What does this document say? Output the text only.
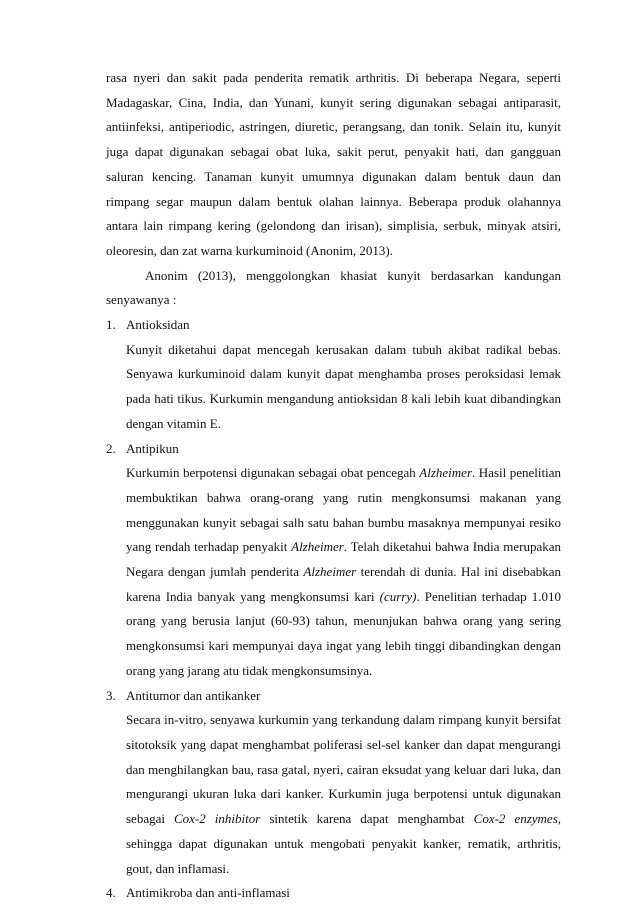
rasa nyeri dan sakit pada penderita rematik arthritis. Di beberapa Negara, seperti Madagaskar, Cina, India, dan Yunani, kunyit sering digunakan sebagai antiparasit, antiinfeksi, antiperiodic, astringen, diuretic, perangsang, dan tonik. Selain itu, kunyit juga dapat digunakan sebagai obat luka, sakit perut, penyakit hati, dan gangguan saluran kencing. Tanaman kunyit umumnya digunakan dalam bentuk daun dan rimpang segar maupun dalam bentuk olahan lainnya. Beberapa produk olahannya antara lain rimpang kering (gelondong dan irisan), simplisia, serbuk, minyak atsiri, oleoresin, dan zat warna kurkuminoid (Anonim, 2013).

Anonim (2013), menggolongkan khasiat kunyit berdasarkan kandungan senyawanya :

1. Antioksidan

Kunyit diketahui dapat mencegah kerusakan dalam tubuh akibat radikal bebas. Senyawa kurkuminoid dalam kunyit dapat menghamba proses peroksidasi lemak pada hati tikus. Kurkumin mengandung antioksidan 8 kali lebih kuat dibandingkan dengan vitamin E.

2. Antipikun

Kurkumin berpotensi digunakan sebagai obat pencegah Alzheimer. Hasil penelitian membuktikan bahwa orang-orang yang rutin mengkonsumsi makanan yang menggunakan kunyit sebagai salh satu bahan bumbu masaknya mempunyai resiko yang rendah terhadap penyakit Alzheimer. Telah diketahui bahwa India merupakan Negara dengan jumlah penderita Alzheimer terendah di dunia. Hal ini disebabkan karena India banyak yang mengkonsumsi kari (curry). Penelitian terhadap 1.010 orang yang berusia lanjut (60-93) tahun, menunjukan bahwa orang yang sering mengkonsumsi kari mempunyai daya ingat yang lebih tinggi dibandingkan dengan orang yang jarang atu tidak mengkonsumsinya.

3. Antitumor dan antikanker

Secara in-vitro, senyawa kurkumin yang terkandung dalam rimpang kunyit bersifat sitotoksik yang dapat menghambat poliferasi sel-sel kanker dan dapat mengurangi dan menghilangkan bau, rasa gatal, nyeri, cairan eksudat yang keluar dari luka, dan mengurangi ukuran luka dari kanker. Kurkumin juga berpotensi untuk digunakan sebagai Cox-2 inhibitor sintetik karena dapat menghambat Cox-2 enzymes, sehingga dapat digunakan untuk mengobati penyakit kanker, rematik, arthritis, gout, dan inflamasi.

4. Antimikroba dan anti-inflamasi
